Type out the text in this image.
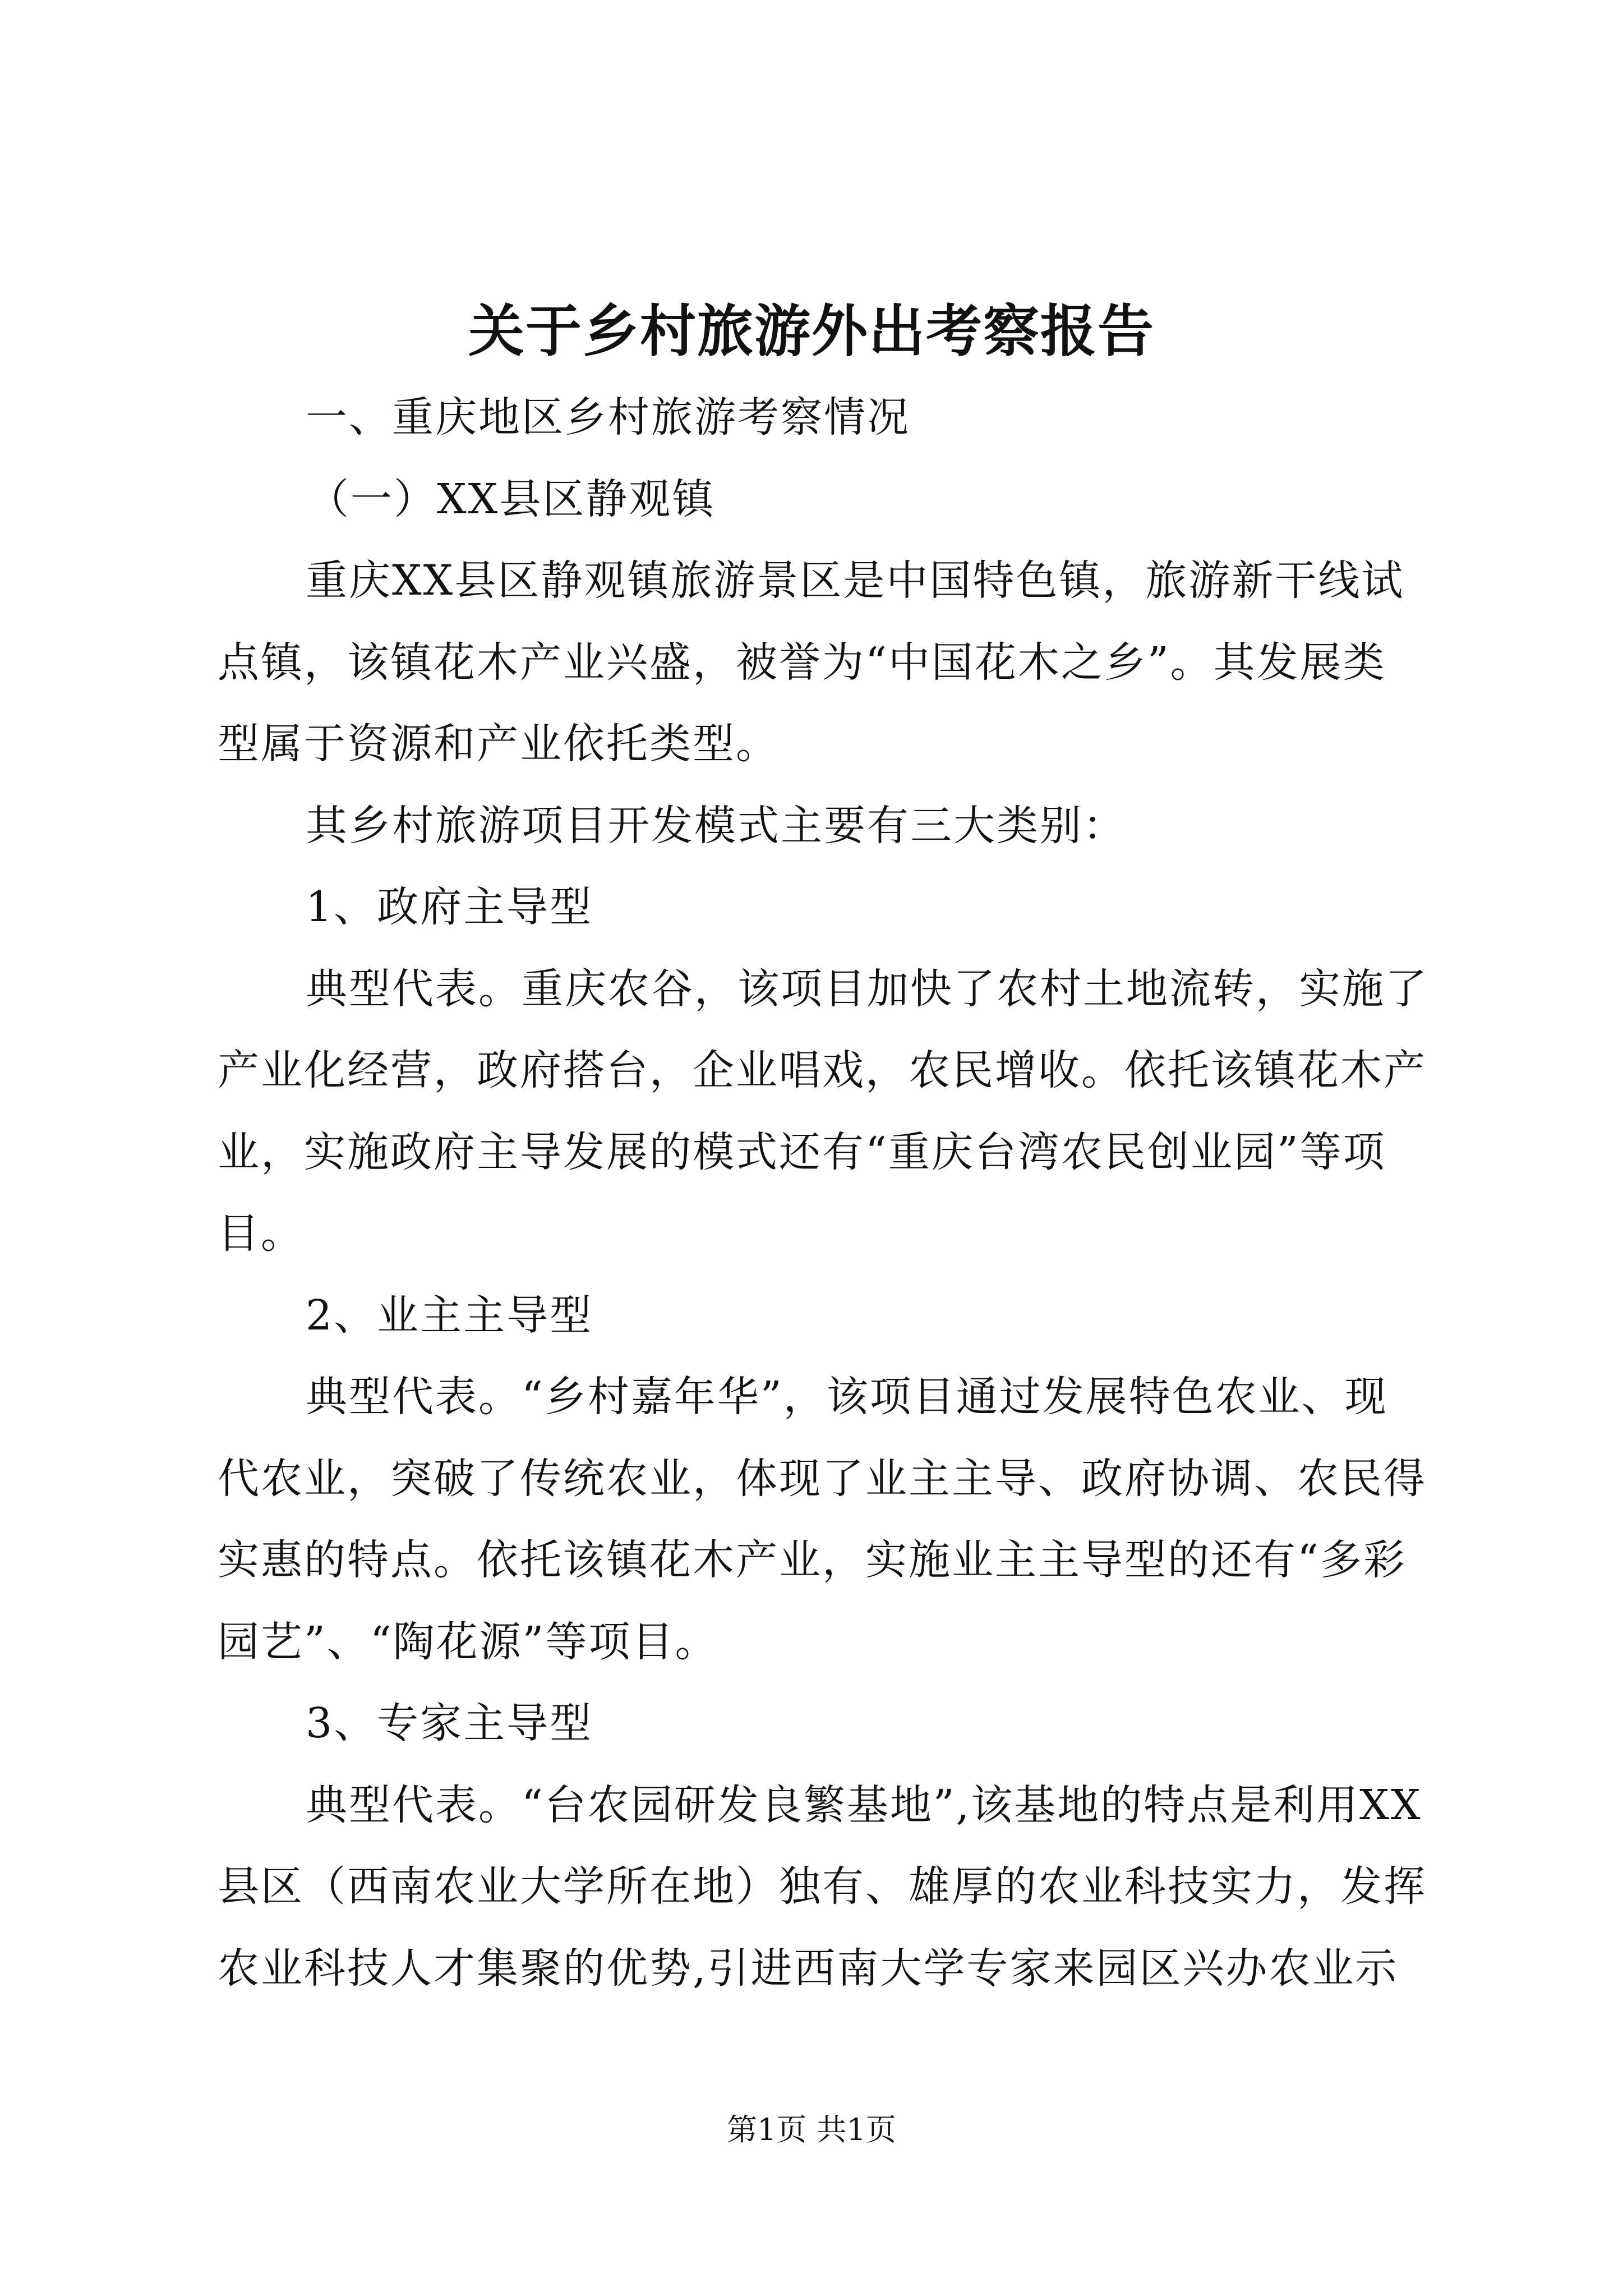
关于乡村旅游外出考察报告

一、重庆地区乡村旅游考察情况

（一）XX县区静观镇

重庆XX县区静观镇旅游景区是中国特色镇，旅游新干线试

点镇，该镇花木产业兴盛，被誉为“中国花木之乡”。其发展类

型属于资源和产业依托类型。

其乡村旅游项目开发模式主要有三大类别：

1、政府主导型

典型代表。重庆农谷，该项目加快了农村土地流转，实施了

产业化经营，政府搭台，企业唱戏，农民增收。依托该镇花木产

业，实施政府主导发展的模式还有“重庆台湾农民创业园”等项

目。

2、业主主导型

典型代表。“乡村嘉年华”，该项目通过发展特色农业、现

代农业，突破了传统农业，体现了业主主导、政府协调、农民得

实惠的特点。依托该镇花木产业，实施业主主导型的还有“多彩

园艺”、“陶花源”等项目。

3、专家主导型

典型代表。“台农园研发良繁基地”,该基地的特点是利用XX

县区（西南农业大学所在地）独有、雄厚的农业科技实力，发挥

农业科技人才集聚的优势,引进西南大学专家来园区兴办农业示

第1页 共1页
